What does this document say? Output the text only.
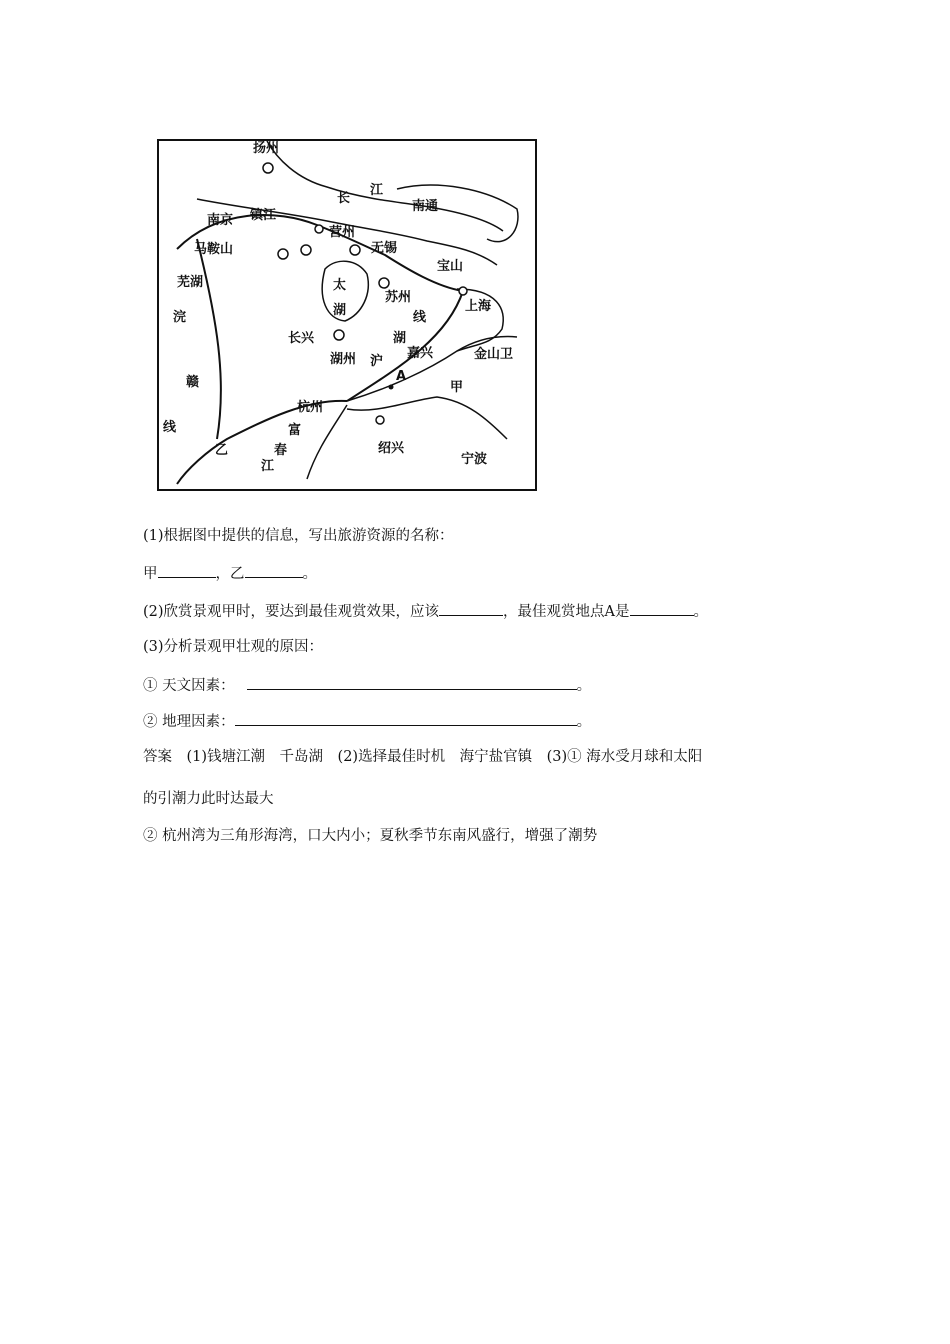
扬州
长
江
南通
南京 镇江
营州
无锡
马鞍山
宝山
芜湖	太
湖
苏州
上海
浣	线
长兴	湖
嘉兴	金山卫
湖州 沪
A
甲
赣
杭州
富
线
绍兴
乙	春
宁波
江
(1)根据图中提供的信息，写出旅游资源的名称：
甲	，乙	。
(2)欣赏景观甲时，要达到最佳观赏效果，应该	，最佳观赏地点A是	。
(3)分析景观甲壮观的原因：
① 天文因素：	。
② 地理因素：	。
答案　(1)钱塘江潮　千岛湖　(2)选择最佳时机　海宁盐官镇　(3)① 海水受月球和太阳
的引潮力此时达最大
② 杭州湾为三角形海湾，口大内小；夏秋季节东南风盛行，增强了潮势
